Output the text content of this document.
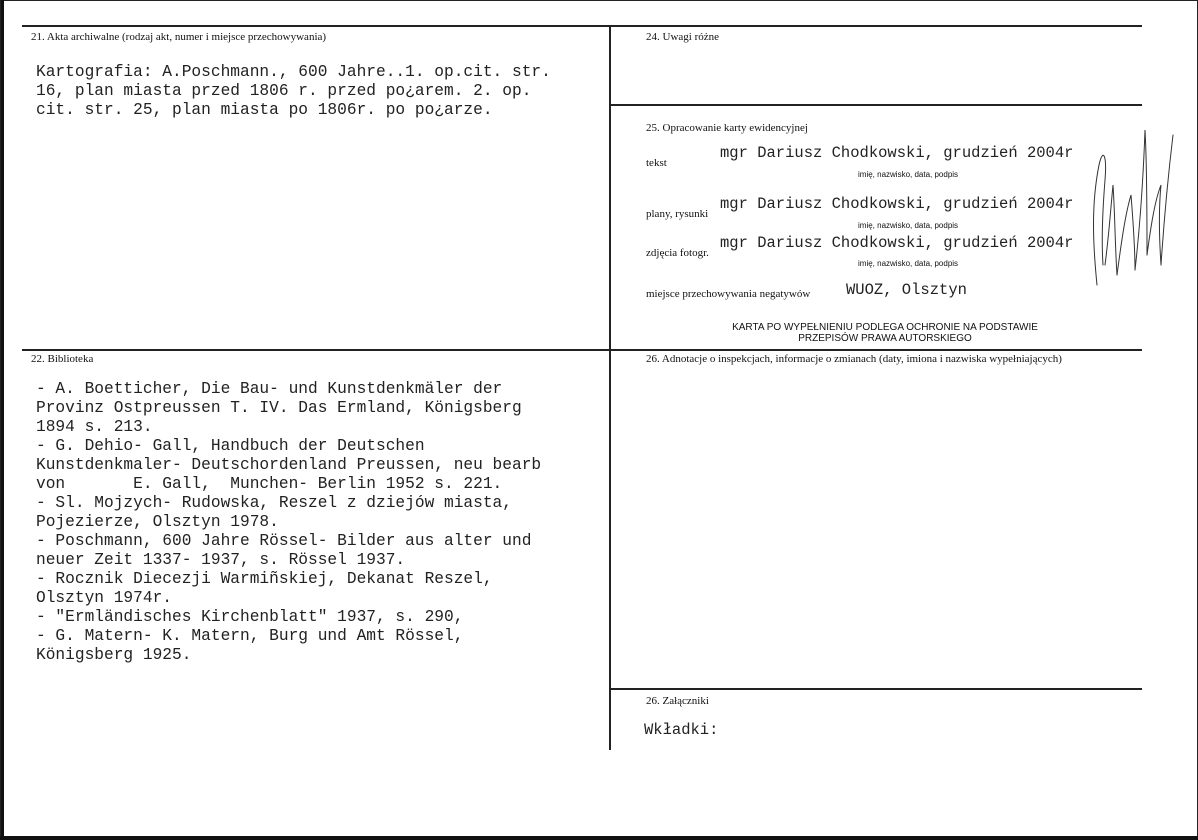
21. Akta archiwalne (rodzaj akt, numer i miejsce przechowywania)
Kartografia: A.Poschmann., 600 Jahre..1. op.cit. str.
16, plan miasta przed 1806 r. przed po¿arem. 2. op.
cit. str. 25, plan miasta po 1806r. po po¿arze.
24. Uwagi różne
25. Opracowanie karty ewidencyjnej
tekst
mgr Dariusz Chodkowski, grudzień 2004r
imię, nazwisko, data, podpis
plany, rysunki
mgr Dariusz Chodkowski, grudzień 2004r
imię, nazwisko, data, podpis
zdjęcia fotogr.
mgr Dariusz Chodkowski, grudzień 2004r
imię, nazwisko, data, podpis
miejsce przechowywania negatywów WUOZ, Olsztyn
KARTA PO WYPEŁNIENIU PODLEGA OCHRONIE NA PODSTAWIE
PRZEPISÓW PRAWA AUTORSKIEGO
22. Biblioteka
- A. Boetticher, Die Bau- und Kunstdenkmäler der
Provinz Ostpreussen T. IV. Das Ermland, Königsberg
1894 s. 213.
- G. Dehio- Gall, Handbuch der Deutschen
Kunstdenkmaler- Deutschordenland Preussen, neu bearb
von       E. Gall,  Munchen- Berlin 1952 s. 221.
- Sl. Mojzych- Rudowska, Reszel z dziejów miasta,
Pojezierze, Olsztyn 1978.
- Poschmann, 600 Jahre Rössel- Bilder aus alter und
neuer Zeit 1337- 1937, s. Rössel 1937.
- Rocznik Diecezji Warmiñskiej, Dekanat Reszel,
Olsztyn 1974r.
- "Ermländisches Kirchenblatt" 1937, s. 290,
- G. Matern- K. Matern, Burg und Amt Rössel,
Königsberg 1925.
26. Adnotacje o inspekcjach, informacje o zmianach (daty, imiona i nazwiska wypełniających)
26. Załączniki
Wkładki:
